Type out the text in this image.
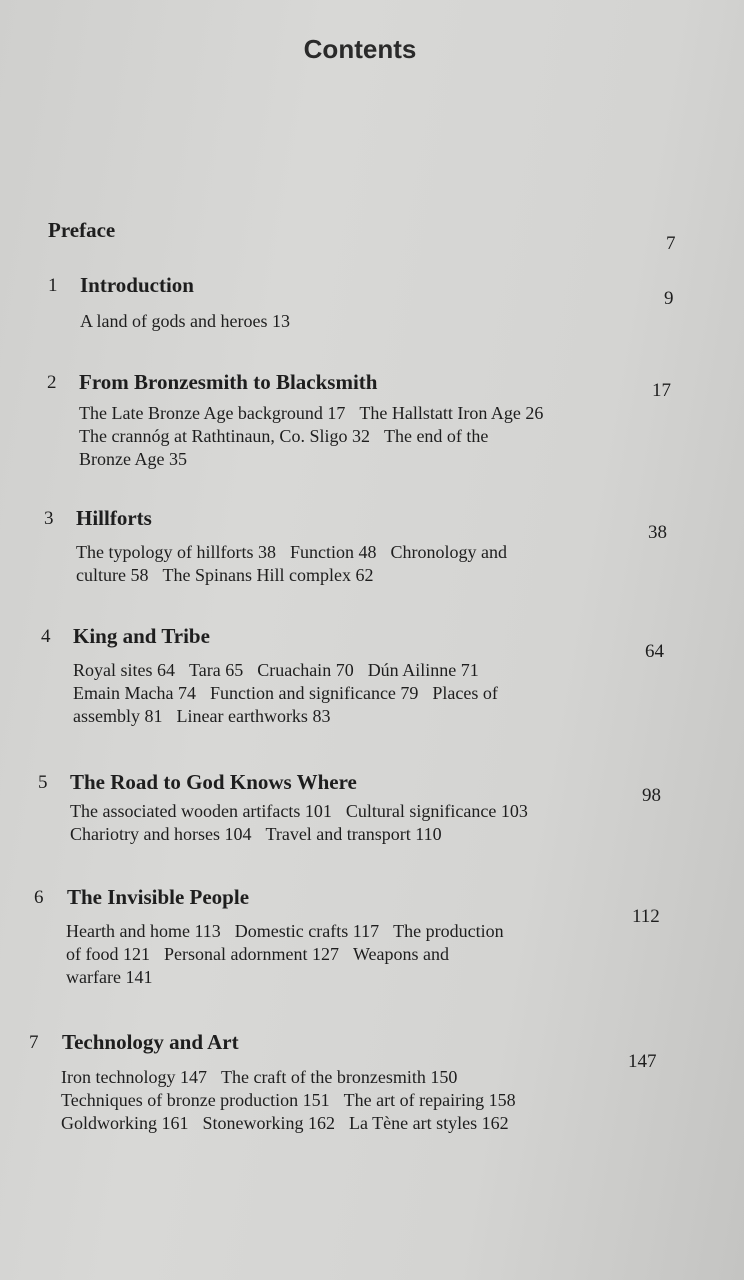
Contents
Preface
7
1 Introduction
9
A land of gods and heroes 13
2 From Bronzesmith to Blacksmith	17
The Late Bronze Age background 17 The Hallstatt Iron Age 26
The crannóg at Rathtinaun, Co. Sligo 32 The end of the
Bronze Age 35
3 Hillforts
38
The typology of hillforts 38 Function 48 Chronology and
culture 58 The Spinans Hill complex 62
4 King and Tribe
64
Royal sites 64 Tara 65 Cruachain 70 Dún Ailinne 71
Emain Macha 74 Function and significance 79 Places of
assembly 81 Linear earthworks 83
5 The Road to God Knows Where
98
The associated wooden artifacts 101 Cultural significance 103
Chariotry and horses 104 Travel and transport 110
6 The Invisible People
112
Hearth and home 113 Domestic crafts 117 The production
of food 121 Personal adornment 127 Weapons and
warfare 141
7 Technology and Art
147
Iron technology 147 The craft of the bronzesmith 150
Techniques of bronze production 151 The art of repairing 158
Goldworking 161 Stoneworking 162 La Tène art styles 162
